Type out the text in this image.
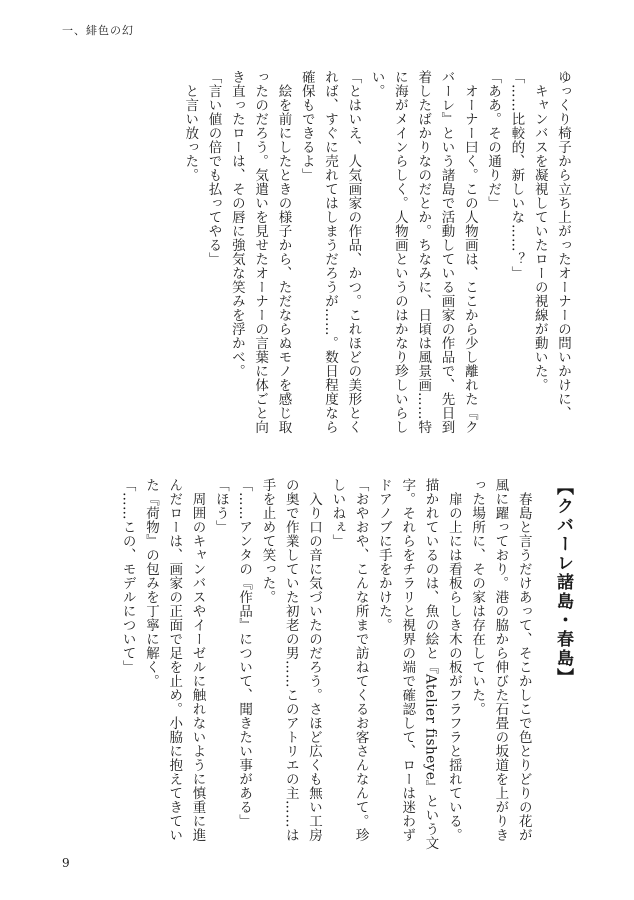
一、緋色の幻

ゆっくり椅子から立ち上がったオーナーの問いかけに、

キャンバスを凝視していたローの視線が動いた。

「……比較的、新しいな……？」

「ああ。その通りだ」

オーナー曰く。この人物画は、ここから少し離れた『ク

バーレ』という諸島で活動している画家の作品で、先日到

着したばかりなのだとか。ちなみに、日頃は風景画……特

に海がメインらしく。人物画というのはかなり珍しいらし

い。

「とはいえ、人気画家の作品、かつ。これほどの美形とく

れば、すぐに売れてはしまうだろうが……。数日程度なら

確保もできるよ」

絵を前にしたときの様子から、ただならぬモノを感じ取

ったのだろう。気遣いを見せたオーナーの言葉に体ごと向

き直ったローは、その唇に強気な笑みを浮かべ。

「言い値の倍でも払ってやる」

と言い放った。

【クバーレ諸島・春島】

春島と言うだけあって、そこかしこで色とりどりの花が

風に躍っており。港の脇から伸びた石畳の坂道を上がりき

った場所に、その家は存在していた。

扉の上には看板らしき木の板がフラフラと揺れている。

描かれているのは、魚の絵と『Atelier fisheye』という文

字。それらをチラリと視界の端で確認して、ローは迷わず

ドアノブに手をかけた。

「おやおや、こんな所まで訪ねてくるお客さんなんて。珍

しいねぇ」

入り口の音に気づいたのだろう。さほど広くも無い工房

の奥で作業していた初老の男……このアトリエの主……は

手を止めて笑った。

「……アンタの『作品』について、聞きたい事がある」

「ほう」

周囲のキャンバスやイーゼルに触れないように慎重に進

んだローは、画家の正面で足を止め。小脇に抱えてきてい

た『荷物』の包みを丁寧に解く。

「……この、モデルについて」

9
